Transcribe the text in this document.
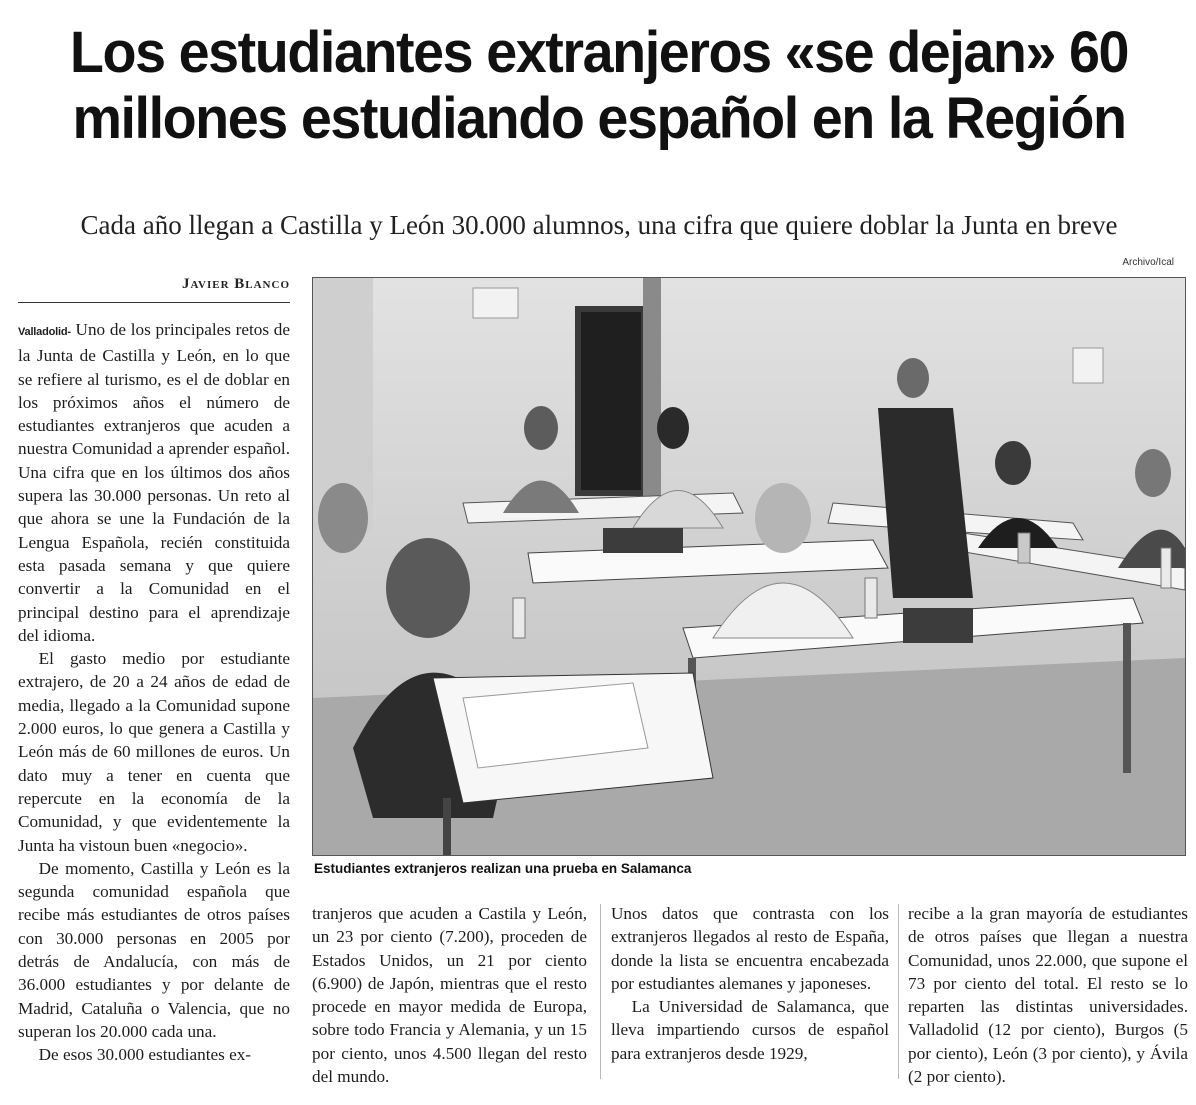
Los estudiantes extranjeros «se dejan» 60 millones estudiando español en la Región
Cada año llegan a Castilla y León 30.000 alumnos, una cifra que quiere doblar la Junta en breve
Archivo/Ical
Javier Blanco

Valladolid- Uno de los principales retos de la Junta de Castilla y León, en lo que se refiere al turismo, es el de doblar en los próximos años el número de estudiantes extranjeros que acuden a nuestra Comunidad a aprender español. Una cifra que en los últimos dos años supera las 30.000 personas. Un reto al que ahora se une la Fundación de la Lengua Española, recién constituida esta pasada semana y que quiere convertir a la Comunidad en el principal destino para el aprendizaje del idioma.

El gasto medio por estudiante extrajero, de 20 a 24 años de edad de media, llegado a la Comunidad supone 2.000 euros, lo que genera a Castilla y León más de 60 millones de euros. Un dato muy a tener en cuenta que repercute en la economía de la Comunidad, y que evidentemente la Junta ha vistoun buen «negocio».

De momento, Castilla y León es la segunda comunidad española que recibe más estudiantes de otros países con 30.000 personas en 2005 por detrás de Andalucía, con más de 36.000 estudiantes y por delante de Madrid, Cataluña o Valencia, que no superan los 20.000 cada una.

De esos 30.000 estudiantes ex-

Estudiantes extranjeros realizan una prueba en Salamanca

tranjeros que acuden a Castila y León, un 23 por ciento (7.200), proceden de Estados Unidos, un 21 por ciento (6.900) de Japón, mientras que el resto procede en mayor medida de Europa, sobre todo Francia y Alemania, y un 15 por ciento, unos 4.500 llegan del resto del mundo.

Unos datos que contrasta con los extranjeros llegados al resto de España, donde la lista se encuentra encabezada por estudiantes alemanes y japoneses.

La Universidad de Salamanca, que lleva impartiendo cursos de español para extranjeros desde 1929,

recibe a la gran mayoría de estudiantes de otros países que llegan a nuestra Comunidad, unos 22.000, que supone el 73 por ciento del total. El resto se lo reparten las distintas universidades. Valladolid (12 por ciento), Burgos (5 por ciento), León (3 por ciento), y Ávila (2 por ciento).
